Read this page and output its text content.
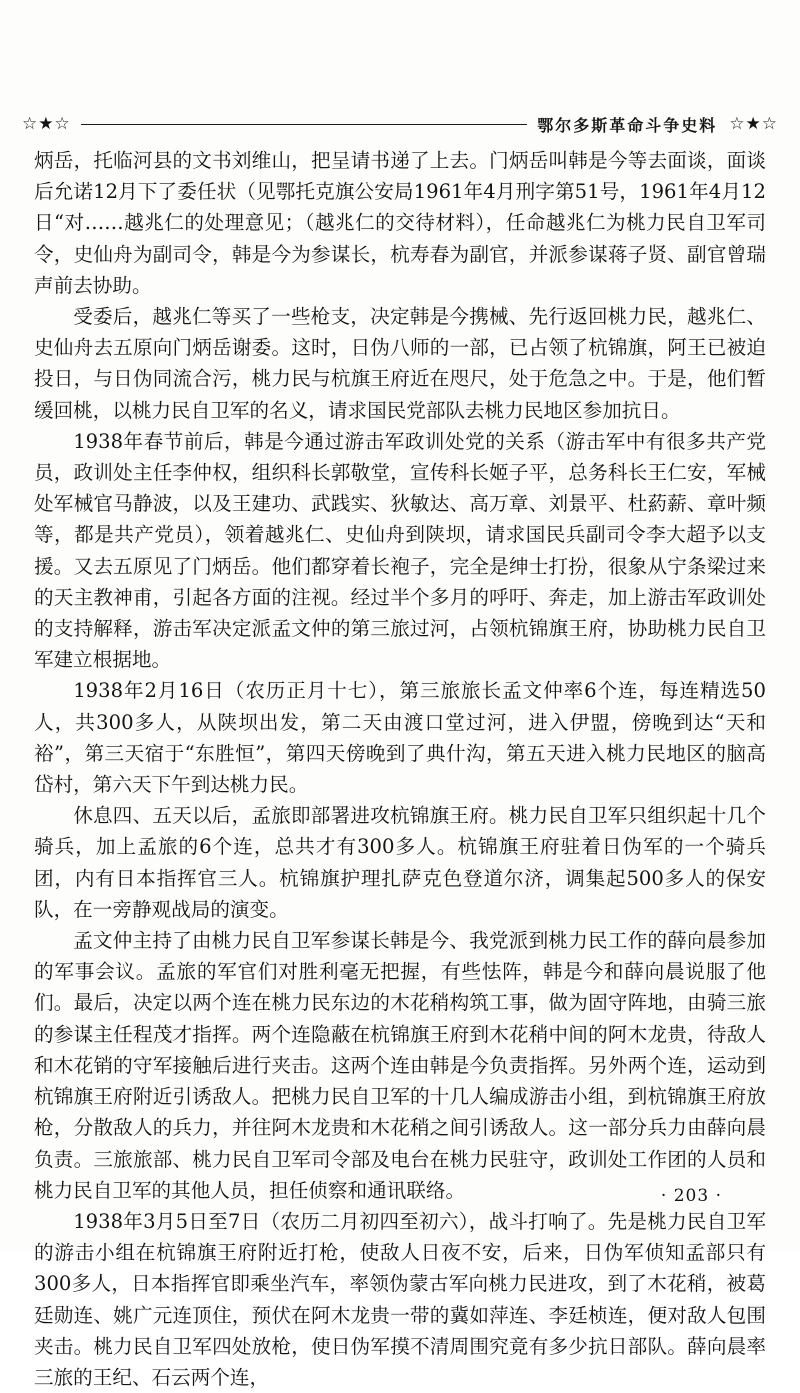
☆★☆	鄂尔多斯革命斗争史料 ☆★☆

炳岳，托临河县的文书刘维山，把呈请书递了上去。门炳岳叫韩是今等去面谈，面谈后允诺12月下了委任状（见鄂托克旗公安局1961年4月刑字第51号，1961年4月12日“对……越兆仁的处理意见；（越兆仁的交待材料），任命越兆仁为桃力民自卫军司令，史仙舟为副司令，韩是今为参谋长，杭寿春为副官，并派参谋蒋子贤、副官曾瑞声前去协助。

受委后，越兆仁等买了一些枪支，决定韩是今携械、先行返回桃力民，越兆仁、史仙舟去五原向门炳岳谢委。这时，日伪八师的一部，已占领了杭锦旗，阿王已被迫投日，与日伪同流合污，桃力民与杭旗王府近在咫尺，处于危急之中。于是，他们暂缓回桃，以桃力民自卫军的名义，请求国民党部队去桃力民地区参加抗日。

1938年春节前后，韩是今通过游击军政训处党的关系（游击军中有很多共产党员，政训处主任李仲权，组织科长郭敬堂，宣传科长姬子平，总务科长王仁安，军械处军械官马静波，以及王建功、武践实、狄敏达、高万章、刘景平、杜葯薪、章叶频等，都是共产党员），领着越兆仁、史仙舟到陕坝，请求国民兵副司令李大超予以支援。又去五原见了门炳岳。他们都穿着长袍子，完全是绅士打扮，很象从宁条梁过来的天主教神甫，引起各方面的注视。经过半个多月的呼吁、奔走，加上游击军政训处的支持解释，游击军决定派孟文仲的第三旅过河，占领杭锦旗王府，协助桃力民自卫军建立根据地。

1938年2月16日（农历正月十七），第三旅旅长孟文仲率6个连，每连精选50人，共300多人，从陕坝出发，第二天由渡口堂过河，进入伊盟，傍晚到达“天和裕”，第三天宿于“东胜恒”，第四天傍晚到了典什沟，第五天进入桃力民地区的脑高岱村，第六天下午到达桃力民。

休息四、五天以后，孟旅即部署进攻杭锦旗王府。桃力民自卫军只组织起十几个骑兵，加上孟旅的6个连，总共才有300多人。杭锦旗王府驻着日伪军的一个骑兵团，内有日本指挥官三人。杭锦旗护理扎萨克色登道尔济，调集起500多人的保安队，在一旁静观战局的演变。

孟文仲主持了由桃力民自卫军参谋长韩是今、我党派到桃力民工作的薛向晨参加的军事会议。孟旅的军官们对胜利毫无把握，有些怯阵，韩是今和薛向晨说服了他们。最后，决定以两个连在桃力民东边的木花稍构筑工事，做为固守阵地，由骑三旅的参谋主任程茂才指挥。两个连隐蔽在杭锦旗王府到木花稍中间的阿木龙贵，待敌人和木花销的守军接触后进行夹击。这两个连由韩是今负责指挥。另外两个连，运动到杭锦旗王府附近引诱敌人。把桃力民自卫军的十几人编成游击小组，到杭锦旗王府放枪，分散敌人的兵力，并往阿木龙贵和木花稍之间引诱敌人。这一部分兵力由薛向晨负责。三旅旅部、桃力民自卫军司令部及电台在桃力民驻守，政训处工作团的人员和桃力民自卫军的其他人员，担任侦察和通讯联络。

1938年3月5日至7日（农历二月初四至初六），战斗打响了。先是桃力民自卫军的游击小组在杭锦旗王府附近打枪，使敌人日夜不安，后来，日伪军侦知孟部只有300多人，日本指挥官即乘坐汽车，率领伪蒙古军向桃力民进攻，到了木花稍，被葛廷勋连、姚广元连顶住，预伏在阿木龙贵一带的冀如萍连、李廷桢连，便对敌人包围夹击。桃力民自卫军四处放枪，使日伪军摸不清周围究竟有多少抗日部队。薛向晨率三旅的王纪、石云两个连，

· 203 ·
